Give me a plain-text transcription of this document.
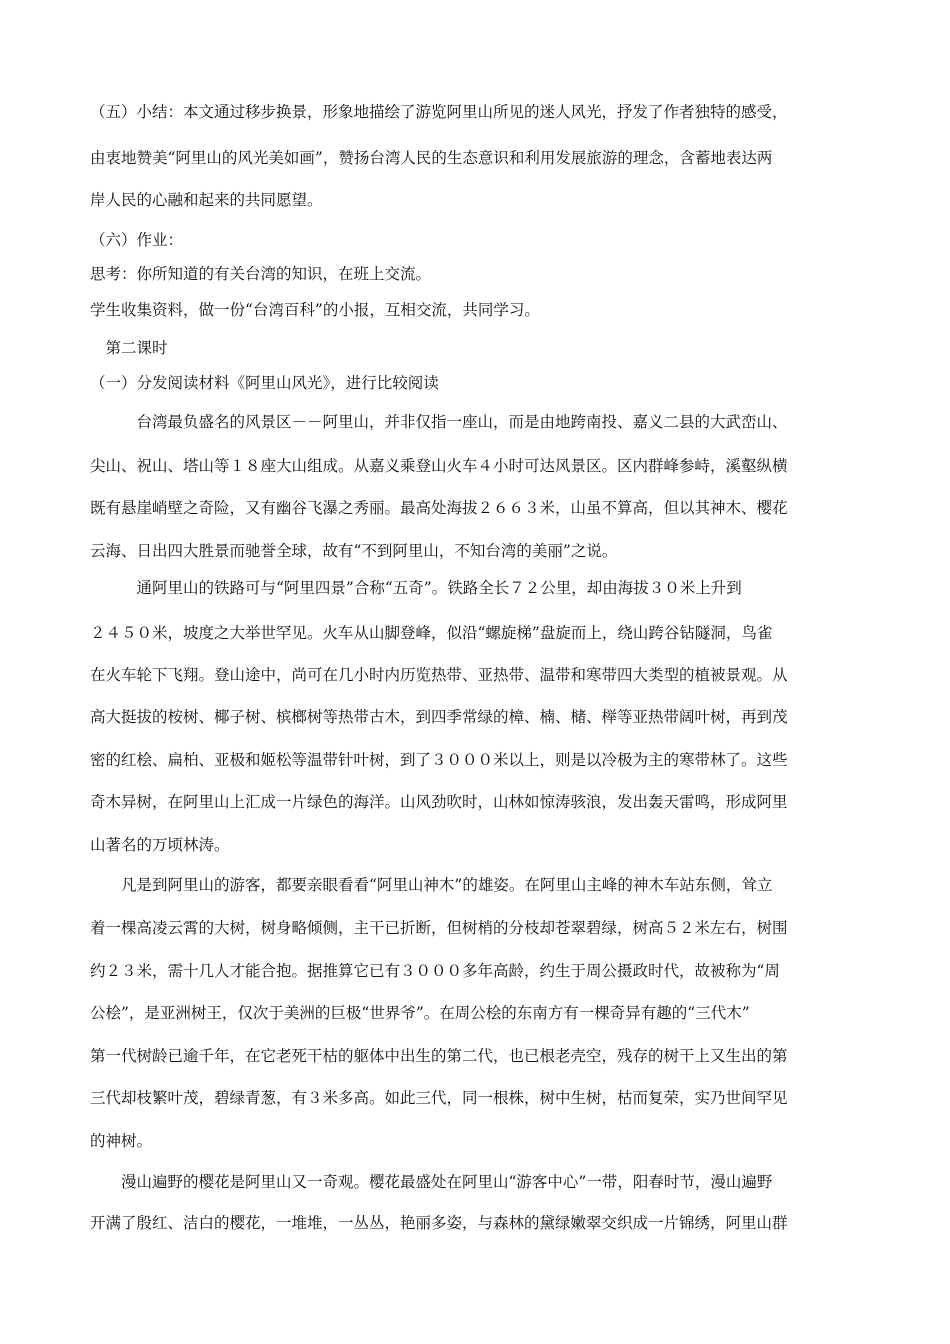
（五）小结：本文通过移步换景，形象地描绘了游览阿里山所见的迷人风光，抒发了作者独特的感受，
由衷地赞美“阿里山的风光美如画”，赞扬台湾人民的生态意识和利用发展旅游的理念，含蓄地表达两
岸人民的心融和起来的共同愿望。
（六）作业：
思考：你所知道的有关台湾的知识，在班上交流。
学生收集资料，做一份“台湾百科”的小报，互相交流，共同学习。
　第二课时
（一）分发阅读材料《阿里山风光》，进行比较阅读
　　　台湾最负盛名的风景区－－阿里山，并非仅指一座山，而是由地跨南投、嘉义二县的大武峦山、
尖山、祝山、塔山等１８座大山组成。从嘉义乘登山火车４小时可达风景区。区内群峰参峙，溪壑纵横
既有悬崖峭壁之奇险，又有幽谷飞瀑之秀丽。最高处海拔２６６３米，山虽不算高，但以其神木、樱花
云海、日出四大胜景而驰誉全球，故有“不到阿里山，不知台湾的美丽”之说。
　　　通阿里山的铁路可与“阿里四景”合称“五奇”。铁路全长７２公里，却由海拔３０米上升到
２４５０米，坡度之大举世罕见。火车从山脚登峰，似沿“螺旋梯”盘旋而上，绕山跨谷钻隧洞，鸟雀
在火车轮下飞翔。登山途中，尚可在几小时内历览热带、亚热带、温带和寒带四大类型的植被景观。从
高大挺拔的桉树、椰子树、槟榔树等热带古木，到四季常绿的樟、楠、槠、榉等亚热带阔叶树，再到茂
密的红桧、扁柏、亚极和姬松等温带针叶树，到了３０００米以上，则是以冷极为主的寒带林了。这些
奇木异树，在阿里山上汇成一片绿色的海洋。山风劲吹时，山林如惊涛骇浪，发出轰天雷鸣，形成阿里
山著名的万顷林涛。
　　凡是到阿里山的游客，都要亲眼看看“阿里山神木”的雄姿。在阿里山主峰的神木车站东侧，耸立
着一棵高凌云霄的大树，树身略倾侧，主干已折断，但树梢的分枝却苍翠碧绿，树高５２米左右，树围
约２３米，需十几人才能合抱。据推算它已有３０００多年高龄，约生于周公摄政时代，故被称为“周
公桧”，是亚洲树王，仅次于美洲的巨极“世界爷”。在周公桧的东南方有一棵奇异有趣的“三代木”
第一代树龄已逾千年，在它老死干枯的躯体中出生的第二代，也已根老壳空，残存的树干上又生出的第
三代却枝繁叶茂，碧绿青葱，有３米多高。如此三代，同一根株，树中生树，枯而复荣，实乃世间罕见
的神树。
　　漫山遍野的樱花是阿里山又一奇观。樱花最盛处在阿里山“游客中心”一带，阳春时节，漫山遍野
开满了殷红、洁白的樱花，一堆堆，一丛丛，艳丽多姿，与森林的黛绿嫩翠交织成一片锦绣，阿里山群
